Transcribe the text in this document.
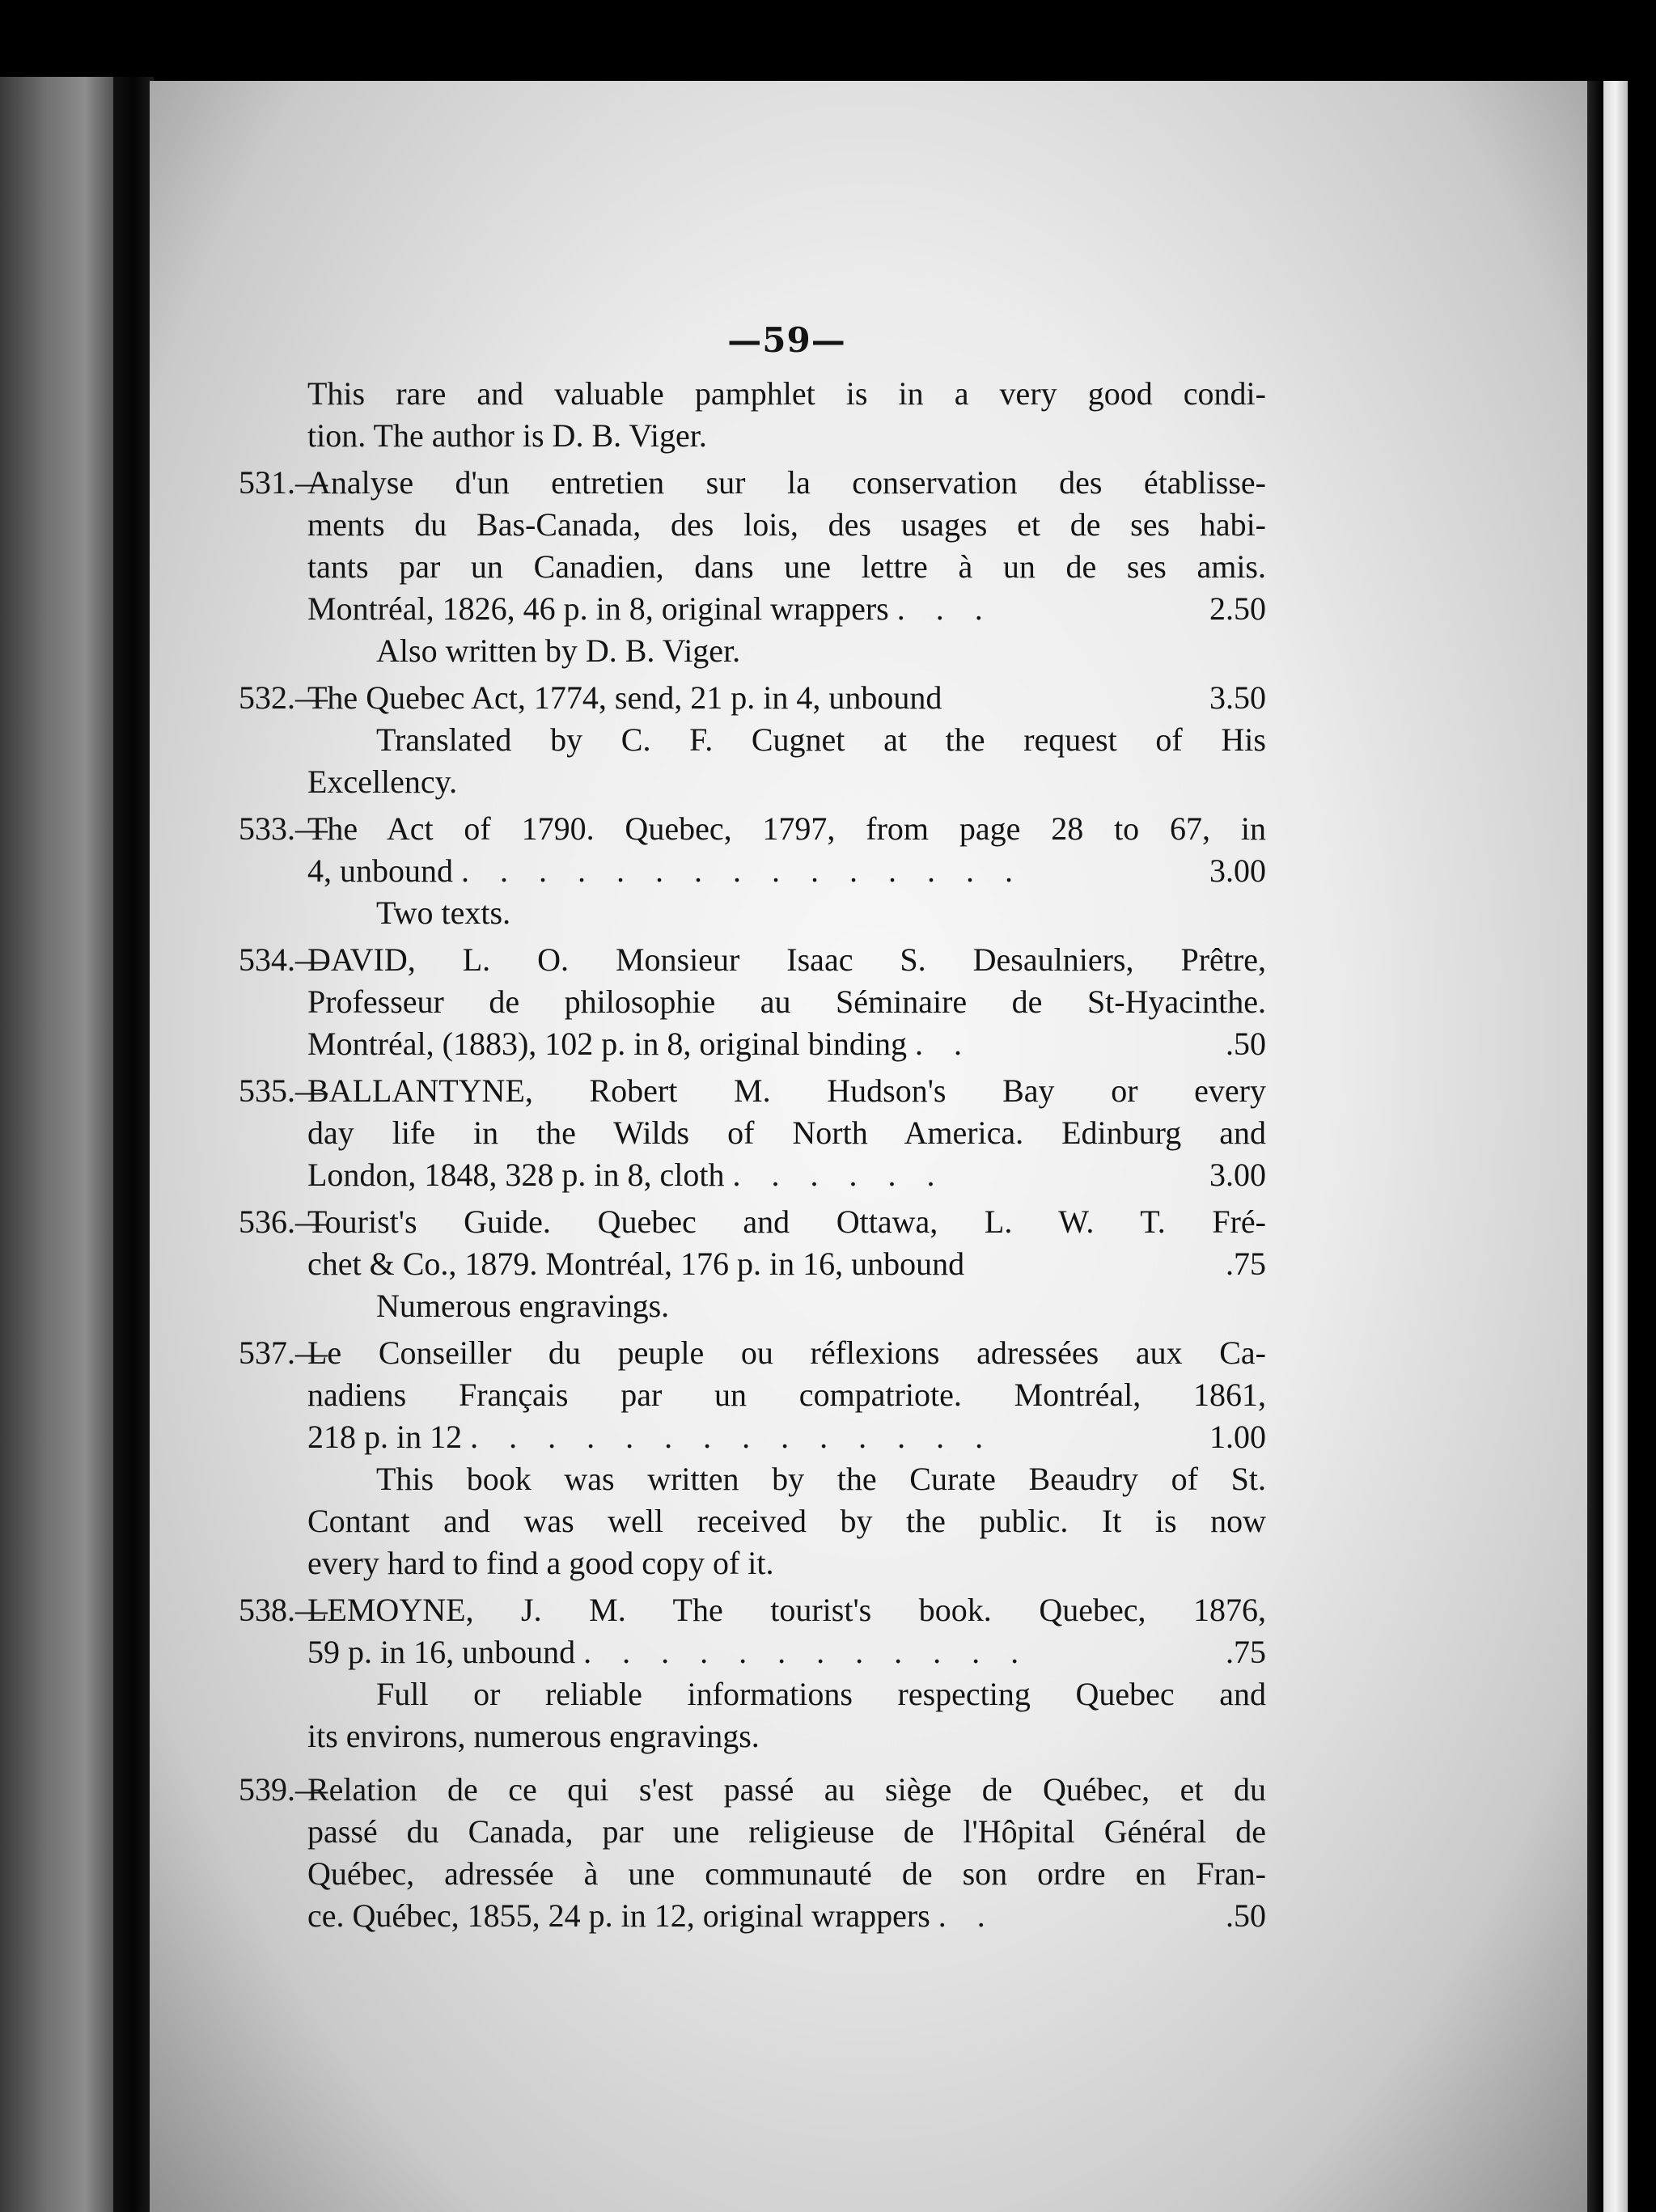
—59—
This rare and valuable pamphlet is in a very good condi-
tion. The author is D. B. Viger.
531.—
Analyse d'un entretien sur la conservation des établisse-
ments du Bas-Canada, des lois, des usages et de ses habi-
tants par un Canadien, dans une lettre à un de ses amis.
Montréal, 1826, 46 p. in 8, original wrappers . . .	2.50
Also written by D. B. Viger.
532.—
The Quebec Act, 1774, send, 21 p. in 4, unbound	3.50
Translated by C. F. Cugnet at the request of His
Excellency.
533.—
The Act of 1790. Quebec, 1797, from page 28 to 67, in
4, unbound . . . . . . . . . . . . . . .	3.00
Two texts.
534.—
DAVID, L. O. Monsieur Isaac S. Desaulniers, Prêtre,
Professeur de philosophie au Séminaire de St-Hyacinthe.
Montréal, (1883), 102 p. in 8, original binding . .	.50
535.—
BALLANTYNE, Robert M. Hudson's Bay or every
day life in the Wilds of North America. Edinburg and
London, 1848, 328 p. in 8, cloth . . . . . .	3.00
536.—
Tourist's Guide. Quebec and Ottawa, L. W. T. Fré-
chet & Co., 1879. Montréal, 176 p. in 16, unbound	.75
Numerous engravings.
537.—
Le Conseiller du peuple ou réflexions adressées aux Ca-
nadiens Français par un compatriote. Montréal, 1861,
218 p. in 12 . . . . . . . . . . . . . .	1.00
This book was written by the Curate Beaudry of St.
Contant and was well received by the public. It is now
every hard to find a good copy of it.
538.—
LEMOYNE, J. M. The tourist's book. Quebec, 1876,
59 p. in 16, unbound . . . . . . . . . . . .	.75
Full or reliable informations respecting Quebec and
its environs, numerous engravings.
539.—
Relation de ce qui s'est passé au siège de Québec, et du
passé du Canada, par une religieuse de l'Hôpital Général de
Québec, adressée à une communauté de son ordre en Fran-
ce. Québec, 1855, 24 p. in 12, original wrappers . .	.50
